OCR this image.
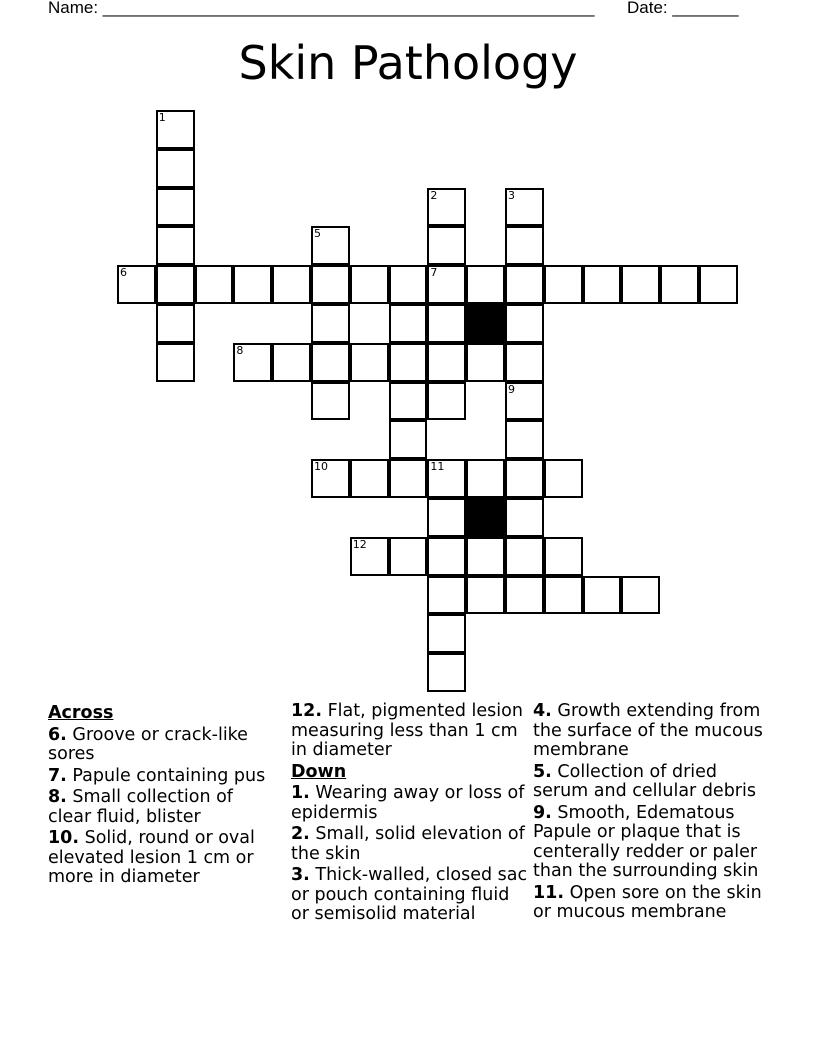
Name: ____________________________________________________ Date: _______
Skin Pathology
1
6
5
2
7
3
8
9
10	11
12
Across
6. Groove or crack-like sores
7. Papule containing pus
8. Small collection of clear fluid, blister
10. Solid, round or oval elevated lesion 1 cm or more in diameter
12. Flat, pigmented lesion measuring less than 1 cm in diameter
Down
1. Wearing away or loss of epidermis
2. Small, solid elevation of the skin
3. Thick-walled, closed sac or pouch containing fluid or semisolid material
4. Growth extending from the surface of the mucous membrane
5. Collection of dried serum and cellular debris
9. Smooth, Edematous Papule or plaque that is centerally redder or paler than the surrounding skin
11. Open sore on the skin or mucous membrane
